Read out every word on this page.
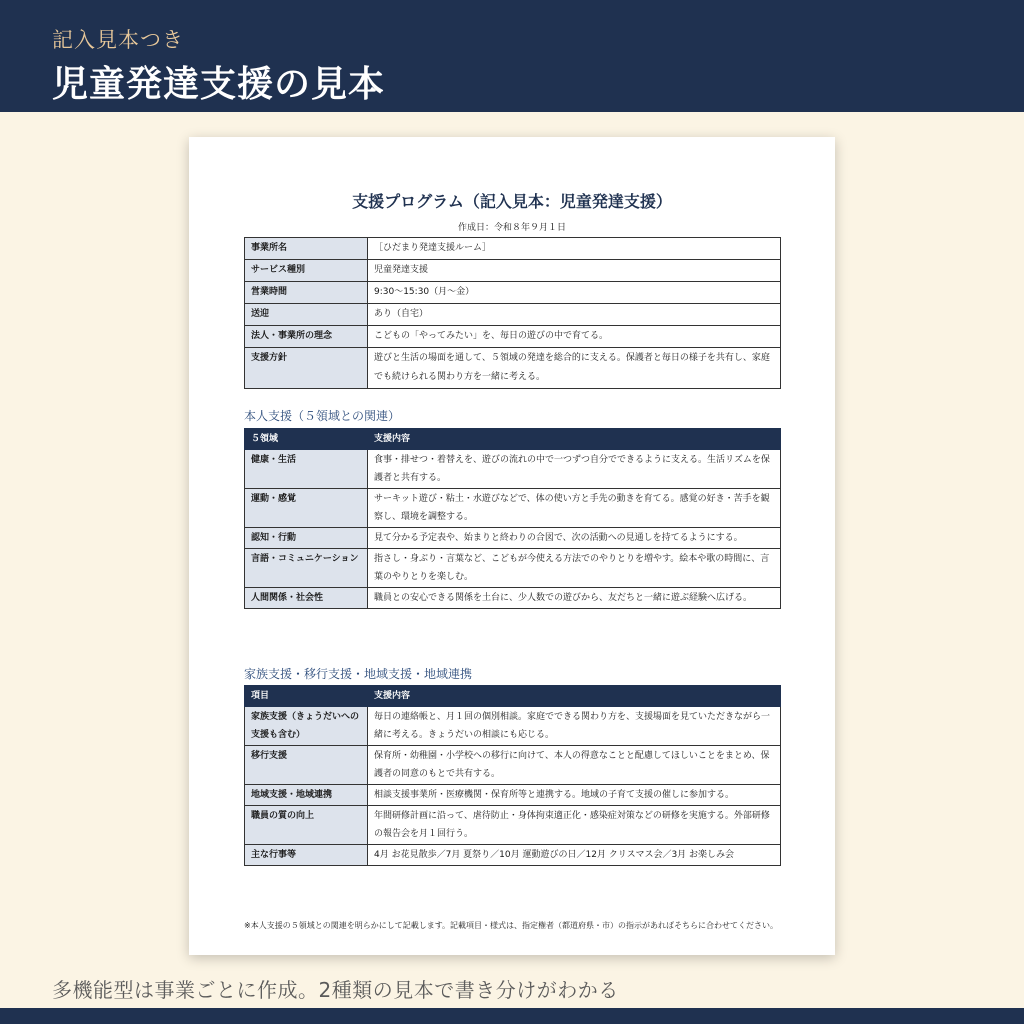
記入見本つき
児童発達支援の見本
支援プログラム（記入見本：児童発達支援）
作成日：令和８年９月１日
事業所名	［ひだまり発達支援ルーム］
サービス種別	児童発達支援
営業時間	9:30〜15:30（月〜金）
送迎	あり（自宅）
法人・事業所の理念	こどもの「やってみたい」を、毎日の遊びの中で育てる。
支援方針	遊びと生活の場面を通して、５領域の発達を総合的に支える。保護者と毎日の様子を共有し、家庭でも続けられる関わり方を一緒に考える。
本人支援（５領域との関連）
５領域	支援内容
健康・生活	食事・排せつ・着替えを、遊びの流れの中で一つずつ自分でできるように支える。生活リズムを保護者と共有する。
運動・感覚	サーキット遊び・粘土・水遊びなどで、体の使い方と手先の動きを育てる。感覚の好き・苦手を観察し、環境を調整する。
認知・行動	見て分かる予定表や、始まりと終わりの合図で、次の活動への見通しを持てるようにする。
言語・コミュニケーション	指さし・身ぶり・言葉など、こどもが今使える方法でのやりとりを増やす。絵本や歌の時間に、言葉のやりとりを楽しむ。
人間関係・社会性	職員との安心できる関係を土台に、少人数での遊びから、友だちと一緒に遊ぶ経験へ広げる。
家族支援・移行支援・地域支援・地域連携
項目	支援内容
家族支援（きょうだいへの支援も含む）	毎日の連絡帳と、月１回の個別相談。家庭でできる関わり方を、支援場面を見ていただきながら一緒に考える。きょうだいの相談にも応じる。
移行支援	保育所・幼稚園・小学校への移行に向けて、本人の得意なことと配慮してほしいことをまとめ、保護者の同意のもとで共有する。
地域支援・地域連携	相談支援事業所・医療機関・保育所等と連携する。地域の子育て支援の催しに参加する。
職員の質の向上	年間研修計画に沿って、虐待防止・身体拘束適正化・感染症対策などの研修を実施する。外部研修の報告会を月１回行う。
主な行事等	4月 お花見散歩／7月 夏祭り／10月 運動遊びの日／12月 クリスマス会／3月 お楽しみ会
※本人支援の５領域との関連を明らかにして記載します。記載項目・様式は、指定権者（都道府県・市）の指示があればそちらに合わせてください。
多機能型は事業ごとに作成。2種類の見本で書き分けがわかる
